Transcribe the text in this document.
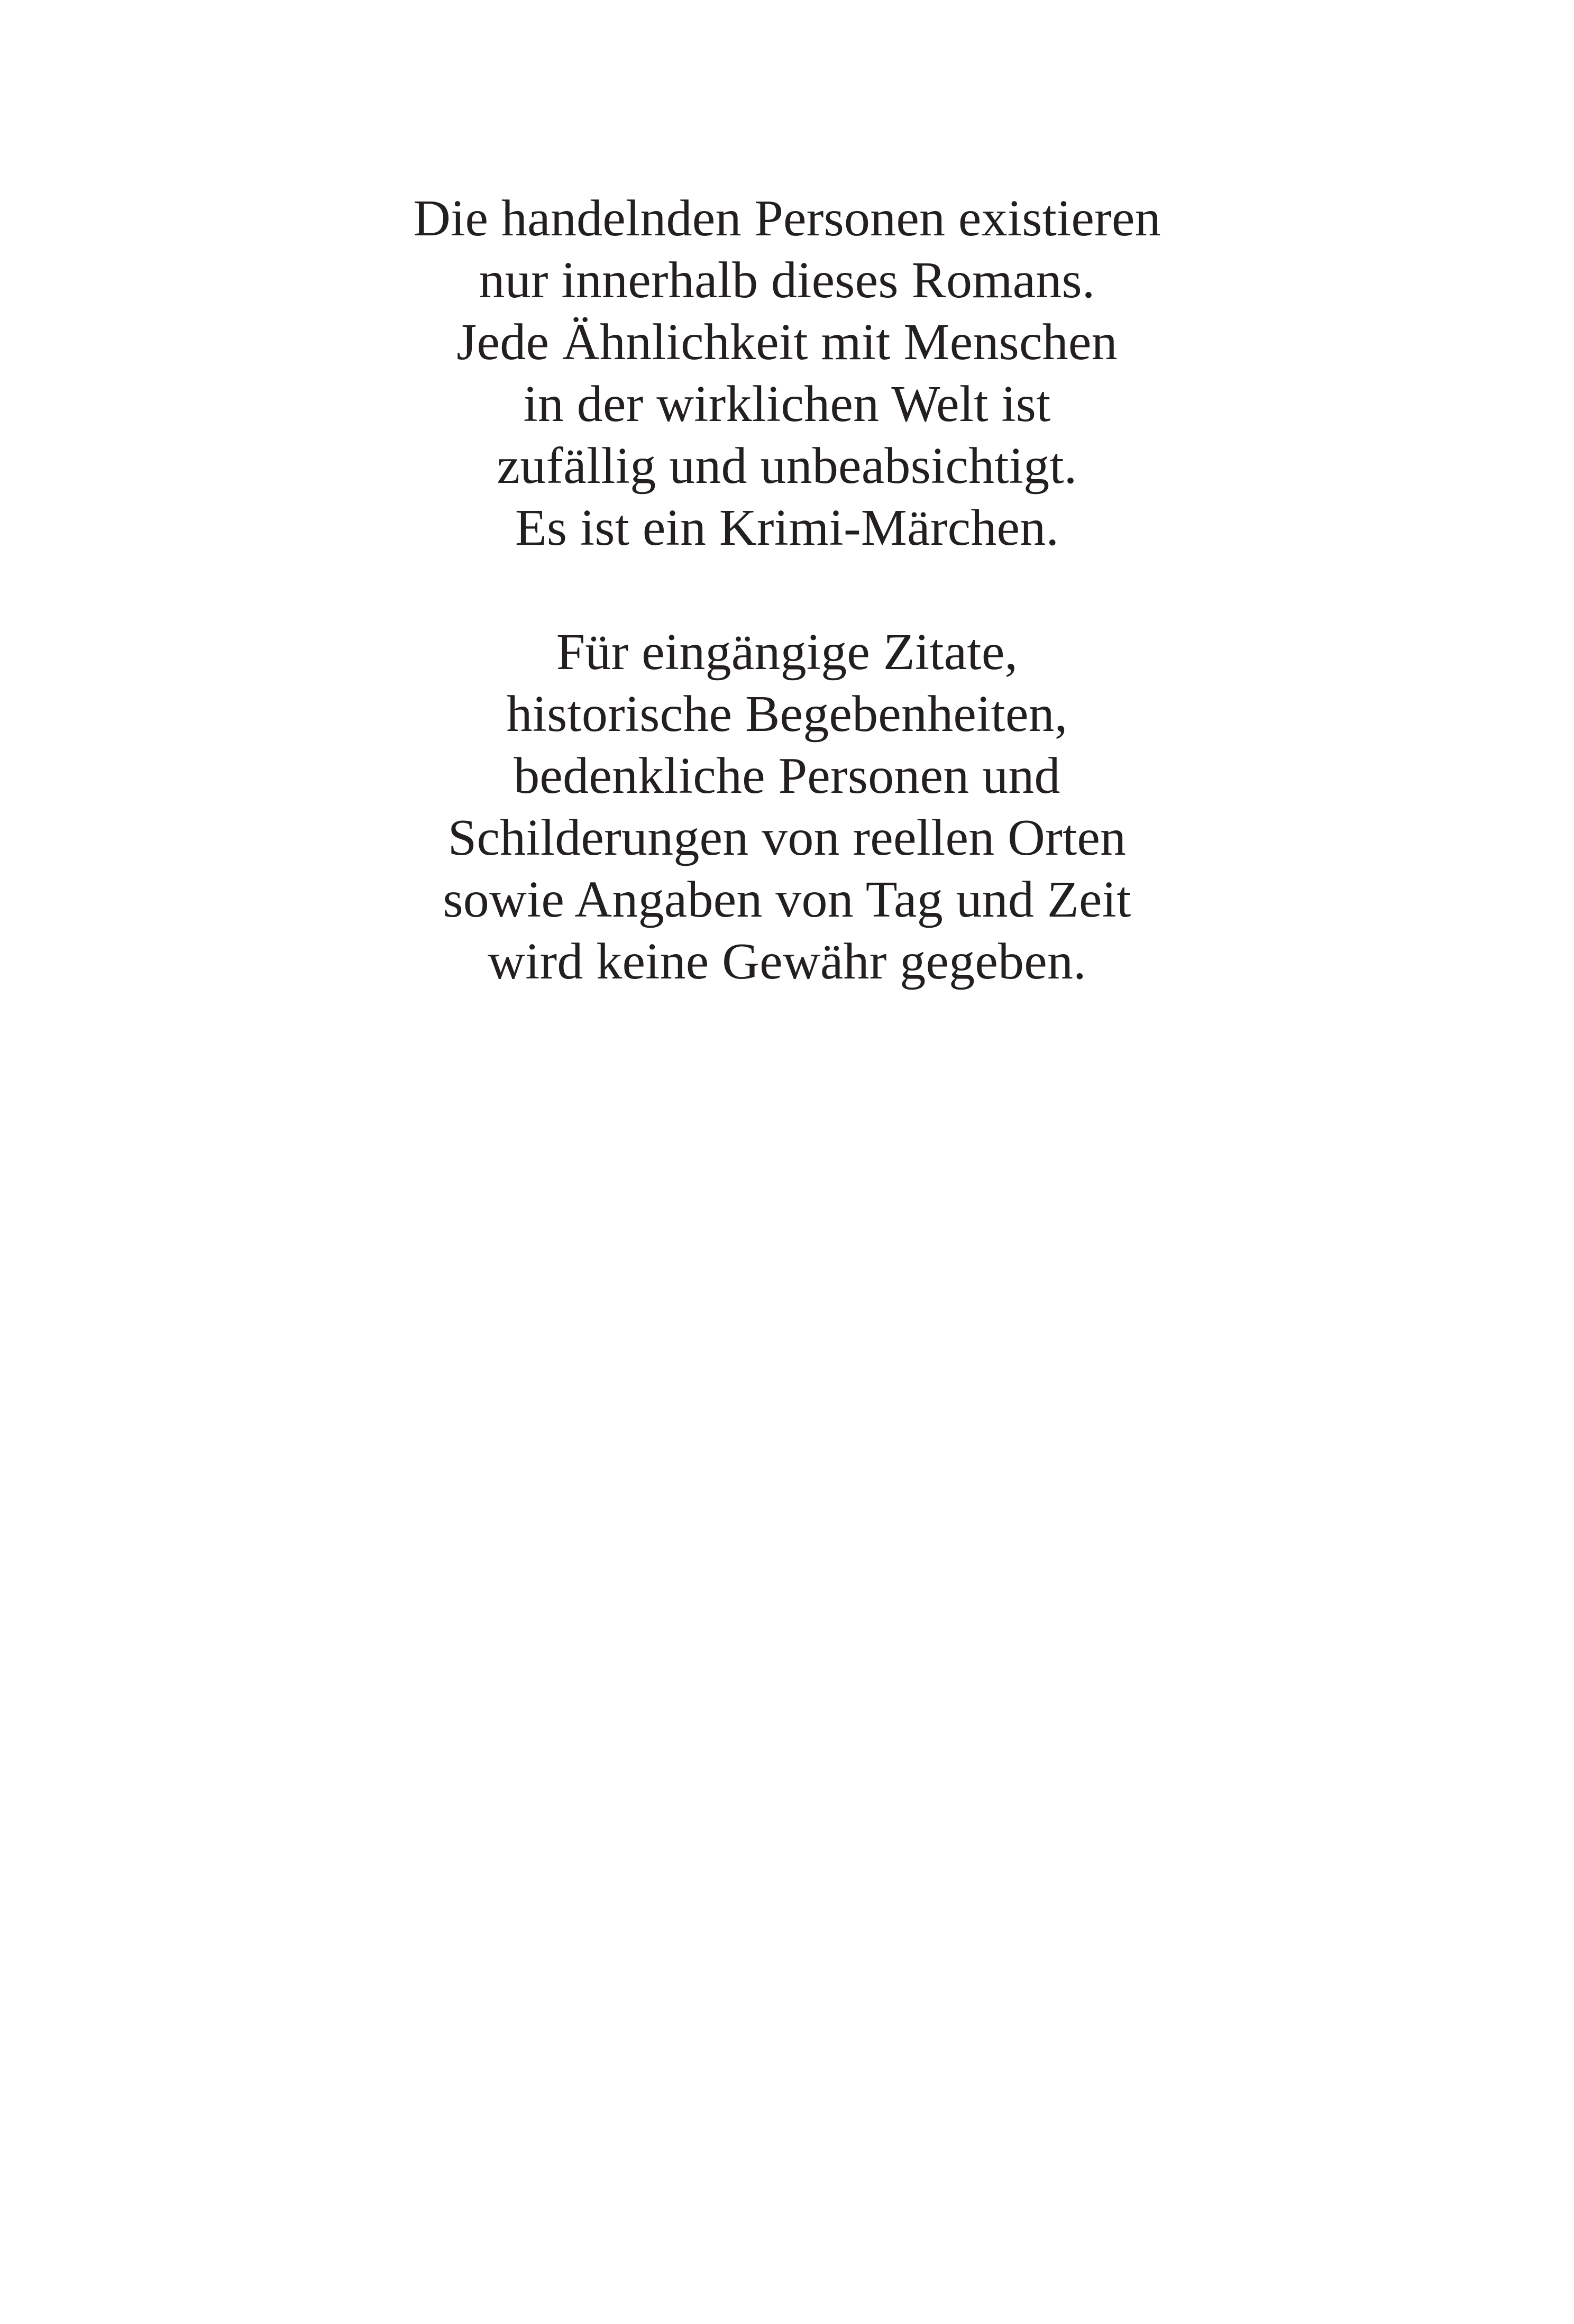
Die handelnden Personen existieren
nur innerhalb dieses Romans.
Jede Ähnlichkeit mit Menschen
in der wirklichen Welt ist
zufällig und unbeabsichtigt.
Es ist ein Krimi-Märchen.
Für eingängige Zitate,
historische Begebenheiten,
bedenkliche Personen und
Schilderungen von reellen Orten
sowie Angaben von Tag und Zeit
wird keine Gewähr gegeben.
